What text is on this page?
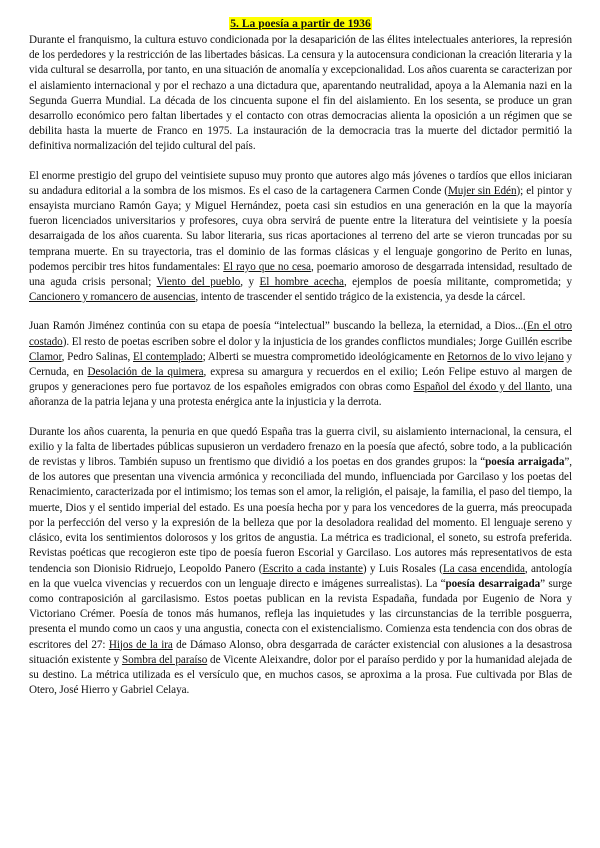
5. La poesía a partir de 1936

Durante el franquismo, la cultura estuvo condicionada por la desaparición de las élites intelectuales anteriores, la represión de los perdedores y la restricción de las libertades básicas. La censura y la autocensura condicionan la creación literaria y la vida cultural se desarrolla, por tanto, en una situación de anomalía y excepcionalidad. Los años cuarenta se caracterizan por el aislamiento internacional y por el rechazo a una dictadura que, aparentando neutralidad, apoya a la Alemania nazi en la Segunda Guerra Mundial. La década de los cincuenta supone el fin del aislamiento. En los sesenta, se produce un gran desarrollo económico pero faltan libertades y el contacto con otras democracias alienta la oposición a un régimen que se debilita hasta la muerte de Franco en 1975. La instauración de la democracia tras la muerte del dictador permitió la definitiva normalización del tejido cultural del país.

El enorme prestigio del grupo del veintisiete supuso muy pronto que autores algo más jóvenes o tardíos que ellos iniciaran su andadura editorial a la sombra de los mismos. Es el caso de la cartagenera Carmen Conde (Mujer sin Edén); el pintor y ensayista murciano Ramón Gaya; y Miguel Hernández, poeta casi sin estudios en una generación en la que la mayoría fueron licenciados universitarios y profesores, cuya obra servirá de puente entre la literatura del veintisiete y la poesía desarraigada de los años cuarenta. Su labor literaria, sus ricas aportaciones al terreno del arte se vieron truncadas por su temprana muerte. En su trayectoria, tras el dominio de las formas clásicas y el lenguaje gongorino de Perito en lunas, podemos percibir tres hitos fundamentales: El rayo que no cesa, poemario amoroso de desgarrada intensidad, resultado de una aguda crisis personal; Viento del pueblo, y El hombre acecha, ejemplos de poesía militante, comprometida; y Cancionero y romancero de ausencias, intento de trascender el sentido trágico de la existencia, ya desde la cárcel.

Juan Ramón Jiménez continúa con su etapa de poesía “intelectual” buscando la belleza, la eternidad, a Dios...(En el otro costado). El resto de poetas escriben sobre el dolor y la injusticia de los grandes conflictos mundiales; Jorge Guillén escribe Clamor, Pedro Salinas, El contemplado; Alberti se muestra comprometido ideológicamente en Retornos de lo vivo lejano y Cernuda, en Desolación de la quimera, expresa su amargura y recuerdos en el exilio; León Felipe estuvo al margen de grupos y generaciones pero fue portavoz de los españoles emigrados con obras como Español del éxodo y del llanto, una añoranza de la patria lejana y una protesta enérgica ante la injusticia y la derrota.

Durante los años cuarenta, la penuria en que quedó España tras la guerra civil, su aislamiento internacional, la censura, el exilio y la falta de libertades públicas supusieron un verdadero frenazo en la poesía que afectó, sobre todo, a la publicación de revistas y libros. También supuso un frentismo que dividió a los poetas en dos grandes grupos: la “poesía arraigada”, de los autores que presentan una vivencia armónica y reconciliada del mundo, influenciada por Garcilaso y los poetas del Renacimiento, caracterizada por el intimismo; los temas son el amor, la religión, el paisaje, la familia, el paso del tiempo, la muerte, Dios y el sentido imperial del estado. Es una poesía hecha por y para los vencedores de la guerra, más preocupada por la perfección del verso y la expresión de la belleza que por la desoladora realidad del momento. El lenguaje sereno y clásico, evita los sentimientos dolorosos y los gritos de angustia. La métrica es tradicional, el soneto, su estrofa preferida. Revistas poéticas que recogieron este tipo de poesía fueron Escorial y Garcilaso. Los autores más representativos de esta tendencia son Dionisio Ridruejo, Leopoldo Panero (Escrito a cada instante) y Luis Rosales (La casa encendida, antología en la que vuelca vivencias y recuerdos con un lenguaje directo e imágenes surrealistas). La “poesía desarraigada” surge como contraposición al garcilasismo. Estos poetas publican en la revista Espadaña, fundada por Eugenio de Nora y Victoriano Crémer. Poesía de tonos más humanos, refleja las inquietudes y las circunstancias de la terrible posguerra, presenta el mundo como un caos y una angustia, conecta con el existencialismo. Comienza esta tendencia con dos obras de escritores del 27: Hijos de la ira de Dámaso Alonso, obra desgarrada de carácter existencial con alusiones a la desastrosa situación existente y Sombra del paraíso de Vicente Aleixandre, dolor por el paraíso perdido y por la humanidad alejada de su destino. La métrica utilizada es el versículo que, en muchos casos, se aproxima a la prosa. Fue cultivada por Blas de Otero, José Hierro y Gabriel Celaya.
